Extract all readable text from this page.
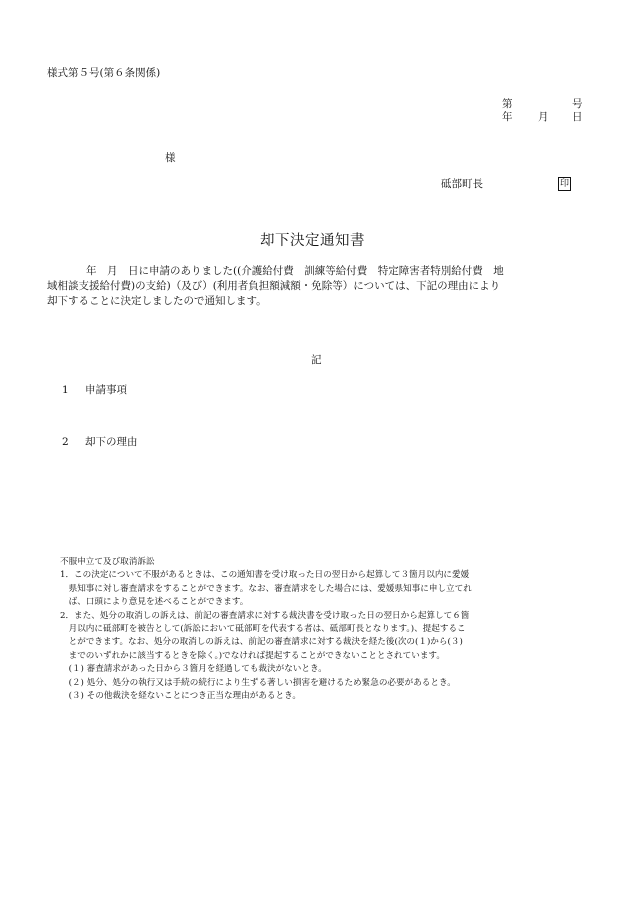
様式第５号(第６条関係)
第	号
年 月 日
様
砥部町長	印
却下決定通知書
年　月　日に申請のありました((介護給付費　訓練等給付費　特定障害者特別給付費　地
域相談支援給付費)の支給)（及び）(利用者負担額減額・免除等）については、下記の理由により
却下することに決定しましたので通知します。
記
1 申請事項
2 却下の理由
不服申立て及び取消訴訟
1．この決定について不服があるときは、この通知書を受け取った日の翌日から起算して３箇月以内に愛媛
　県知事に対し審査請求をすることができます。なお、審査請求をした場合には、愛媛県知事に申し立てれ
　ば、口頭により意見を述べることができます。
2．また、処分の取消しの訴えは、前記の審査請求に対する裁決書を受け取った日の翌日から起算して６箇
　月以内に砥部町を被告として(訴訟において砥部町を代表する者は、砥部町長となります。)、提起するこ
　とができます。なお、処分の取消しの訴えは、前記の審査請求に対する裁決を経た後(次の(１)から(３)
　までのいずれかに該当するときを除く。)でなければ提起することができないこととされています。
　(１) 審査請求があった日から３箇月を経過しても裁決がないとき。
　(２) 処分、処分の執行又は手続の続行により生ずる著しい損害を避けるため緊急の必要があるとき。
　(３) その他裁決を経ないことにつき正当な理由があるとき。
